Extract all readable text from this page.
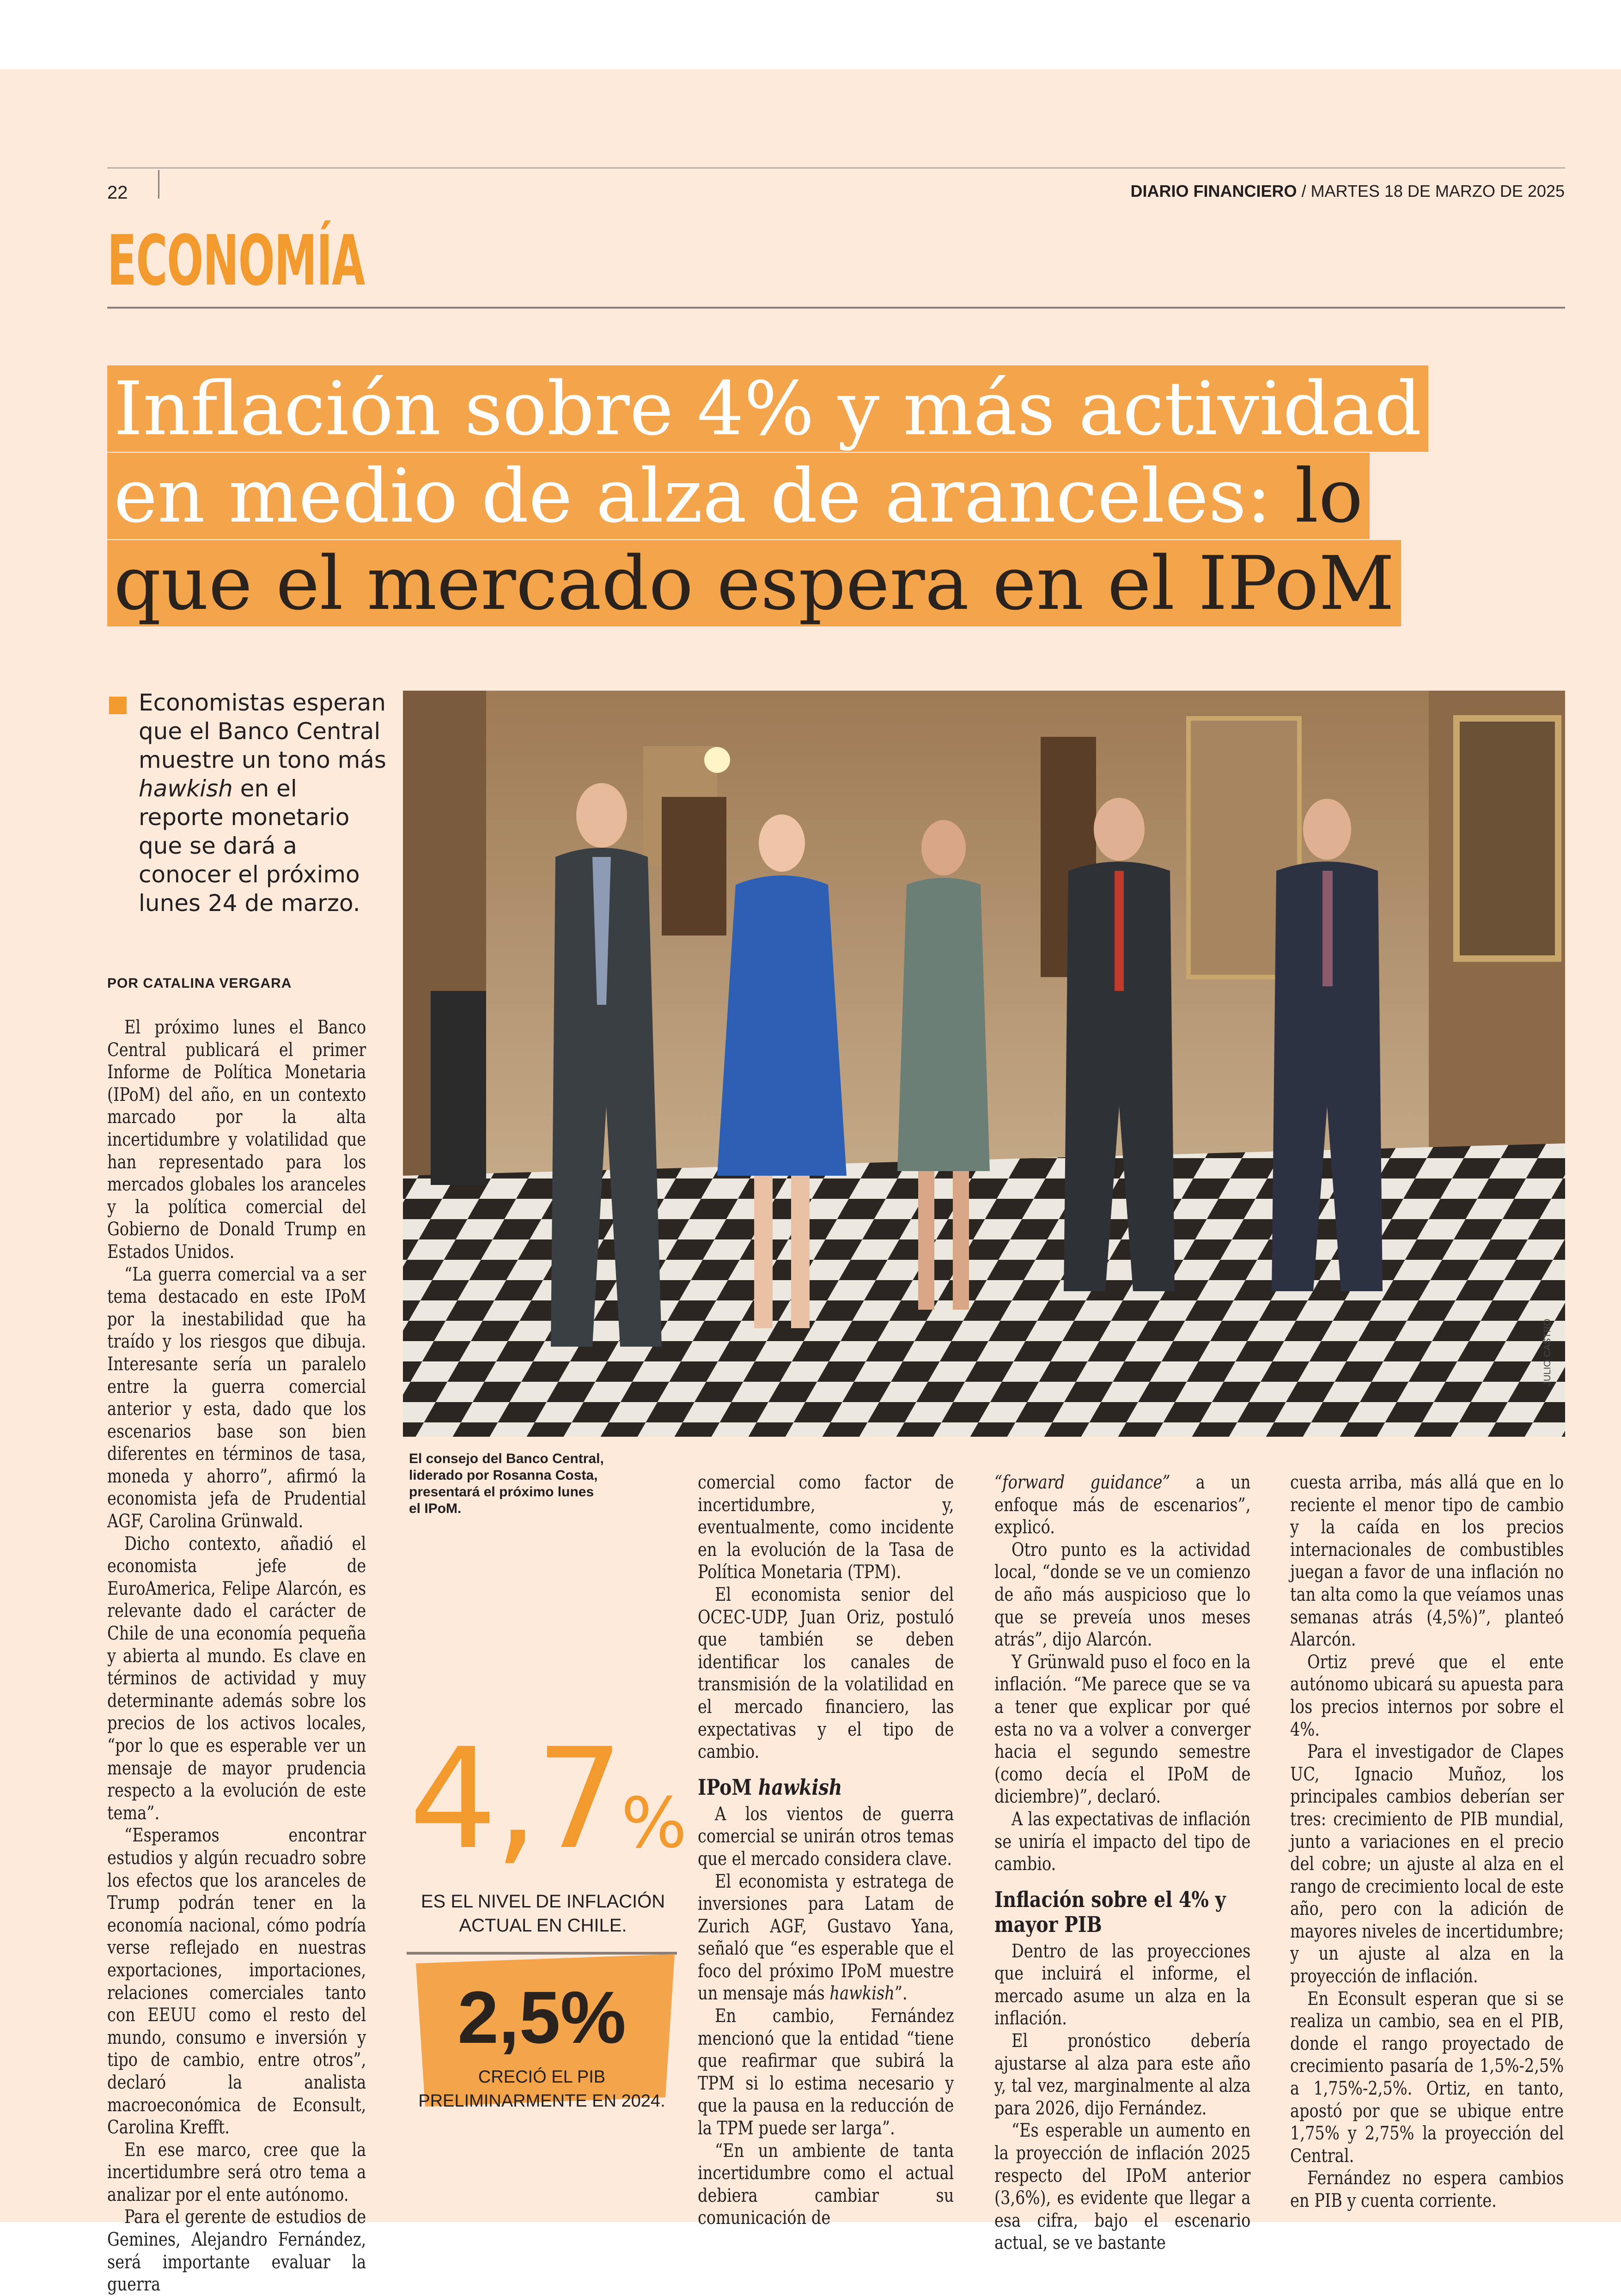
22	DIARIO FINANCIERO / MARTES 18 DE MARZO DE 2025
ECONOMÍA
Inflación sobre 4% y más actividad
en medio de alza de aranceles: lo
que el mercado espera en el IPoM
Economistas esperan que el Banco Central muestre un tono más hawkish en el reporte monetario que se dará a conocer el próximo lunes 24 de marzo.
POR CATALINA VERGARA
JULIO CASTRO
El consejo del Banco Central, liderado por Rosanna Costa, presentará el próximo lunes el IPoM.

El próximo lunes el Banco Central publicará el primer Informe de Política Monetaria (IPoM) del año, en un contexto marcado por la alta incertidumbre y volatilidad que han representado para los mercados globales los aranceles y la política comercial del Gobierno de Donald Trump en Estados Unidos.

“La guerra comercial va a ser tema destacado en este IPoM por la inestabilidad que ha traído y los riesgos que dibuja. Interesante sería un paralelo entre la guerra comercial anterior y esta, dado que los escenarios base son bien diferentes en términos de tasa, moneda y ahorro”, afirmó la economista jefa de Prudential AGF, Carolina Grünwald.

Dicho contexto, añadió el economista jefe de EuroAmerica, Felipe Alarcón, es relevante dado el carácter de Chile de una economía pequeña y abierta al mundo. Es clave en términos de actividad y muy determinante además sobre los precios de los activos locales, “por lo que es esperable ver un mensaje de mayor prudencia respecto a la evolución de este tema”.

“Esperamos encontrar estudios y algún recuadro sobre los efectos que los aranceles de Trump podrán tener en la economía nacional, cómo podría verse reflejado en nuestras exportaciones, importaciones, relaciones comerciales tanto con EEUU como el resto del mundo, consumo e inversión y tipo de cambio, entre otros”, declaró la analista macroeconómica de Econsult, Carolina Krefft.

En ese marco, cree que la incertidumbre será otro tema a analizar por el ente autónomo.

Para el gerente de estudios de Gemines, Alejandro Fernández, será importante evaluar la guerra

4,7%
ES EL NIVEL DE INFLACIÓN ACTUAL EN CHILE.
2,5%
CRECIÓ EL PIB PRELIMINARMENTE EN 2024.

comercial como factor de incertidumbre, y, eventualmente, como incidente en la evolución de la Tasa de Política Monetaria (TPM).

El economista senior del OCEC-UDP, Juan Oriz, postuló que también se deben identificar los canales de transmisión de la volatilidad en el mercado financiero, las expectativas y el tipo de cambio.

IPoM hawkish

A los vientos de guerra comercial se unirán otros temas que el mercado considera clave.

El economista y estratega de inversiones para Latam de Zurich AGF, Gustavo Yana, señaló que “es esperable que el foco del próximo IPoM muestre un mensaje más hawkish”.

En cambio, Fernández mencionó que la entidad “tiene que reafirmar que subirá la TPM si lo estima necesario y que la pausa en la reducción de la TPM puede ser larga”.

“En un ambiente de tanta incertidumbre como el actual debiera cambiar su comunicación de

“forward guidance” a un enfoque más de escenarios”, explicó.

Otro punto es la actividad local, “donde se ve un comienzo de año más auspicioso que lo que se preveía unos meses atrás”, dijo Alarcón.

Y Grünwald puso el foco en la inflación. “Me parece que se va a tener que explicar por qué esta no va a volver a converger hacia el segundo semestre (como decía el IPoM de diciembre)”, declaró.

A las expectativas de inflación se uniría el impacto del tipo de cambio.

Inflación sobre el 4% y mayor PIB

Dentro de las proyecciones que incluirá el informe, el mercado asume un alza en la inflación.

El pronóstico debería ajustarse al alza para este año y, tal vez, marginalmente al alza para 2026, dijo Fernández.

“Es esperable un aumento en la proyección de inflación 2025 respecto del IPoM anterior (3,6%), es evidente que llegar a esa cifra, bajo el escenario actual, se ve bastante

cuesta arriba, más allá que en lo reciente el menor tipo de cambio y la caída en los precios internacionales de combustibles juegan a favor de una inflación no tan alta como la que veíamos unas semanas atrás (4,5%)”, planteó Alarcón.

Ortiz prevé que el ente autónomo ubicará su apuesta para los precios internos por sobre el 4%.

Para el investigador de Clapes UC, Ignacio Muñoz, los principales cambios deberían ser tres: crecimiento de PIB mundial, junto a variaciones en el precio del cobre; un ajuste al alza en el rango de crecimiento local de este año, pero con la adición de mayores niveles de incertidumbre; y un ajuste al alza en la proyección de inflación.

En Econsult esperan que si se realiza un cambio, sea en el PIB, donde el rango proyectado de crecimiento pasaría de 1,5%-2,5% a 1,75%-2,5%. Ortiz, en tanto, apostó por que se ubique entre 1,75% y 2,75% la proyección del Central.

Fernández no espera cambios en PIB y cuenta corriente.
